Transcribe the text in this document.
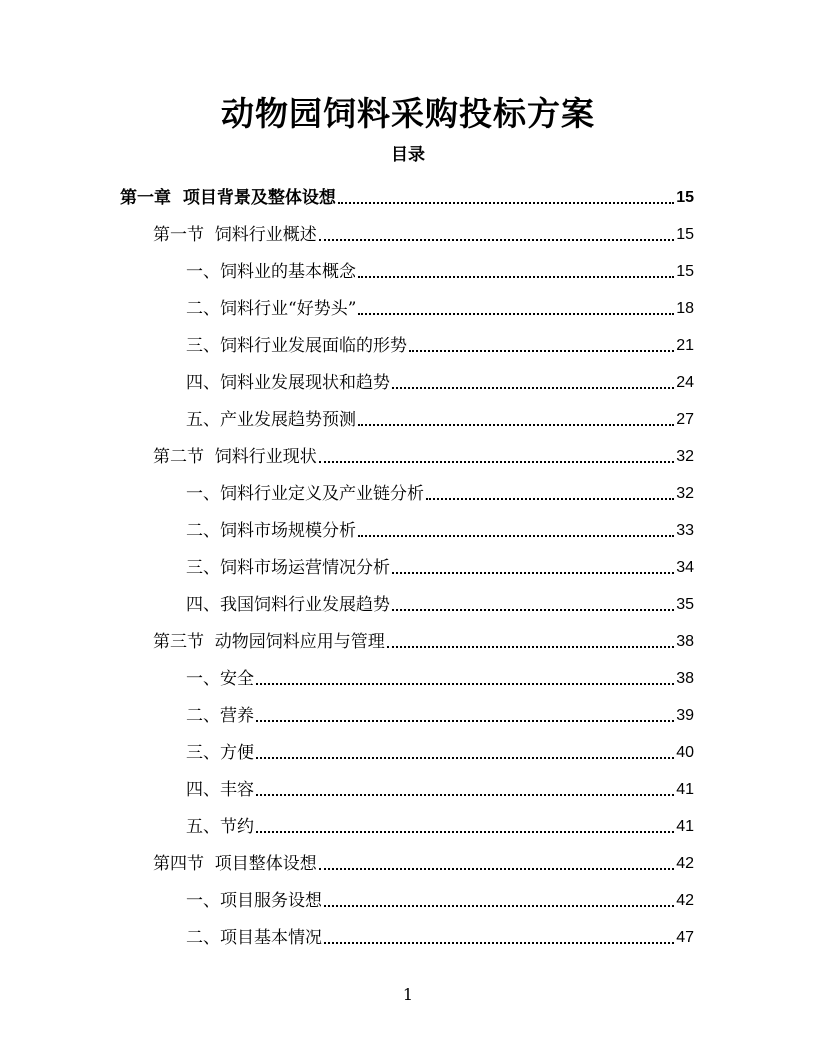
动物园饲料采购投标方案
目录
第一章  项目背景及整体设想	15
第一节  饲料行业概述	15
一、饲料业的基本概念	15
二、饲料行业“好势头”	18
三、饲料行业发展面临的形势	21
四、饲料业发展现状和趋势	24
五、产业发展趋势预测	27
第二节  饲料行业现状	32
一、饲料行业定义及产业链分析	32
二、饲料市场规模分析	33
三、饲料市场运营情况分析	34
四、我国饲料行业发展趋势	35
第三节  动物园饲料应用与管理	38
一、安全	38
二、营养	39
三、方便	40
四、丰容	41
五、节约	41
第四节  项目整体设想	42
一、项目服务设想	42
二、项目基本情况	47
1
